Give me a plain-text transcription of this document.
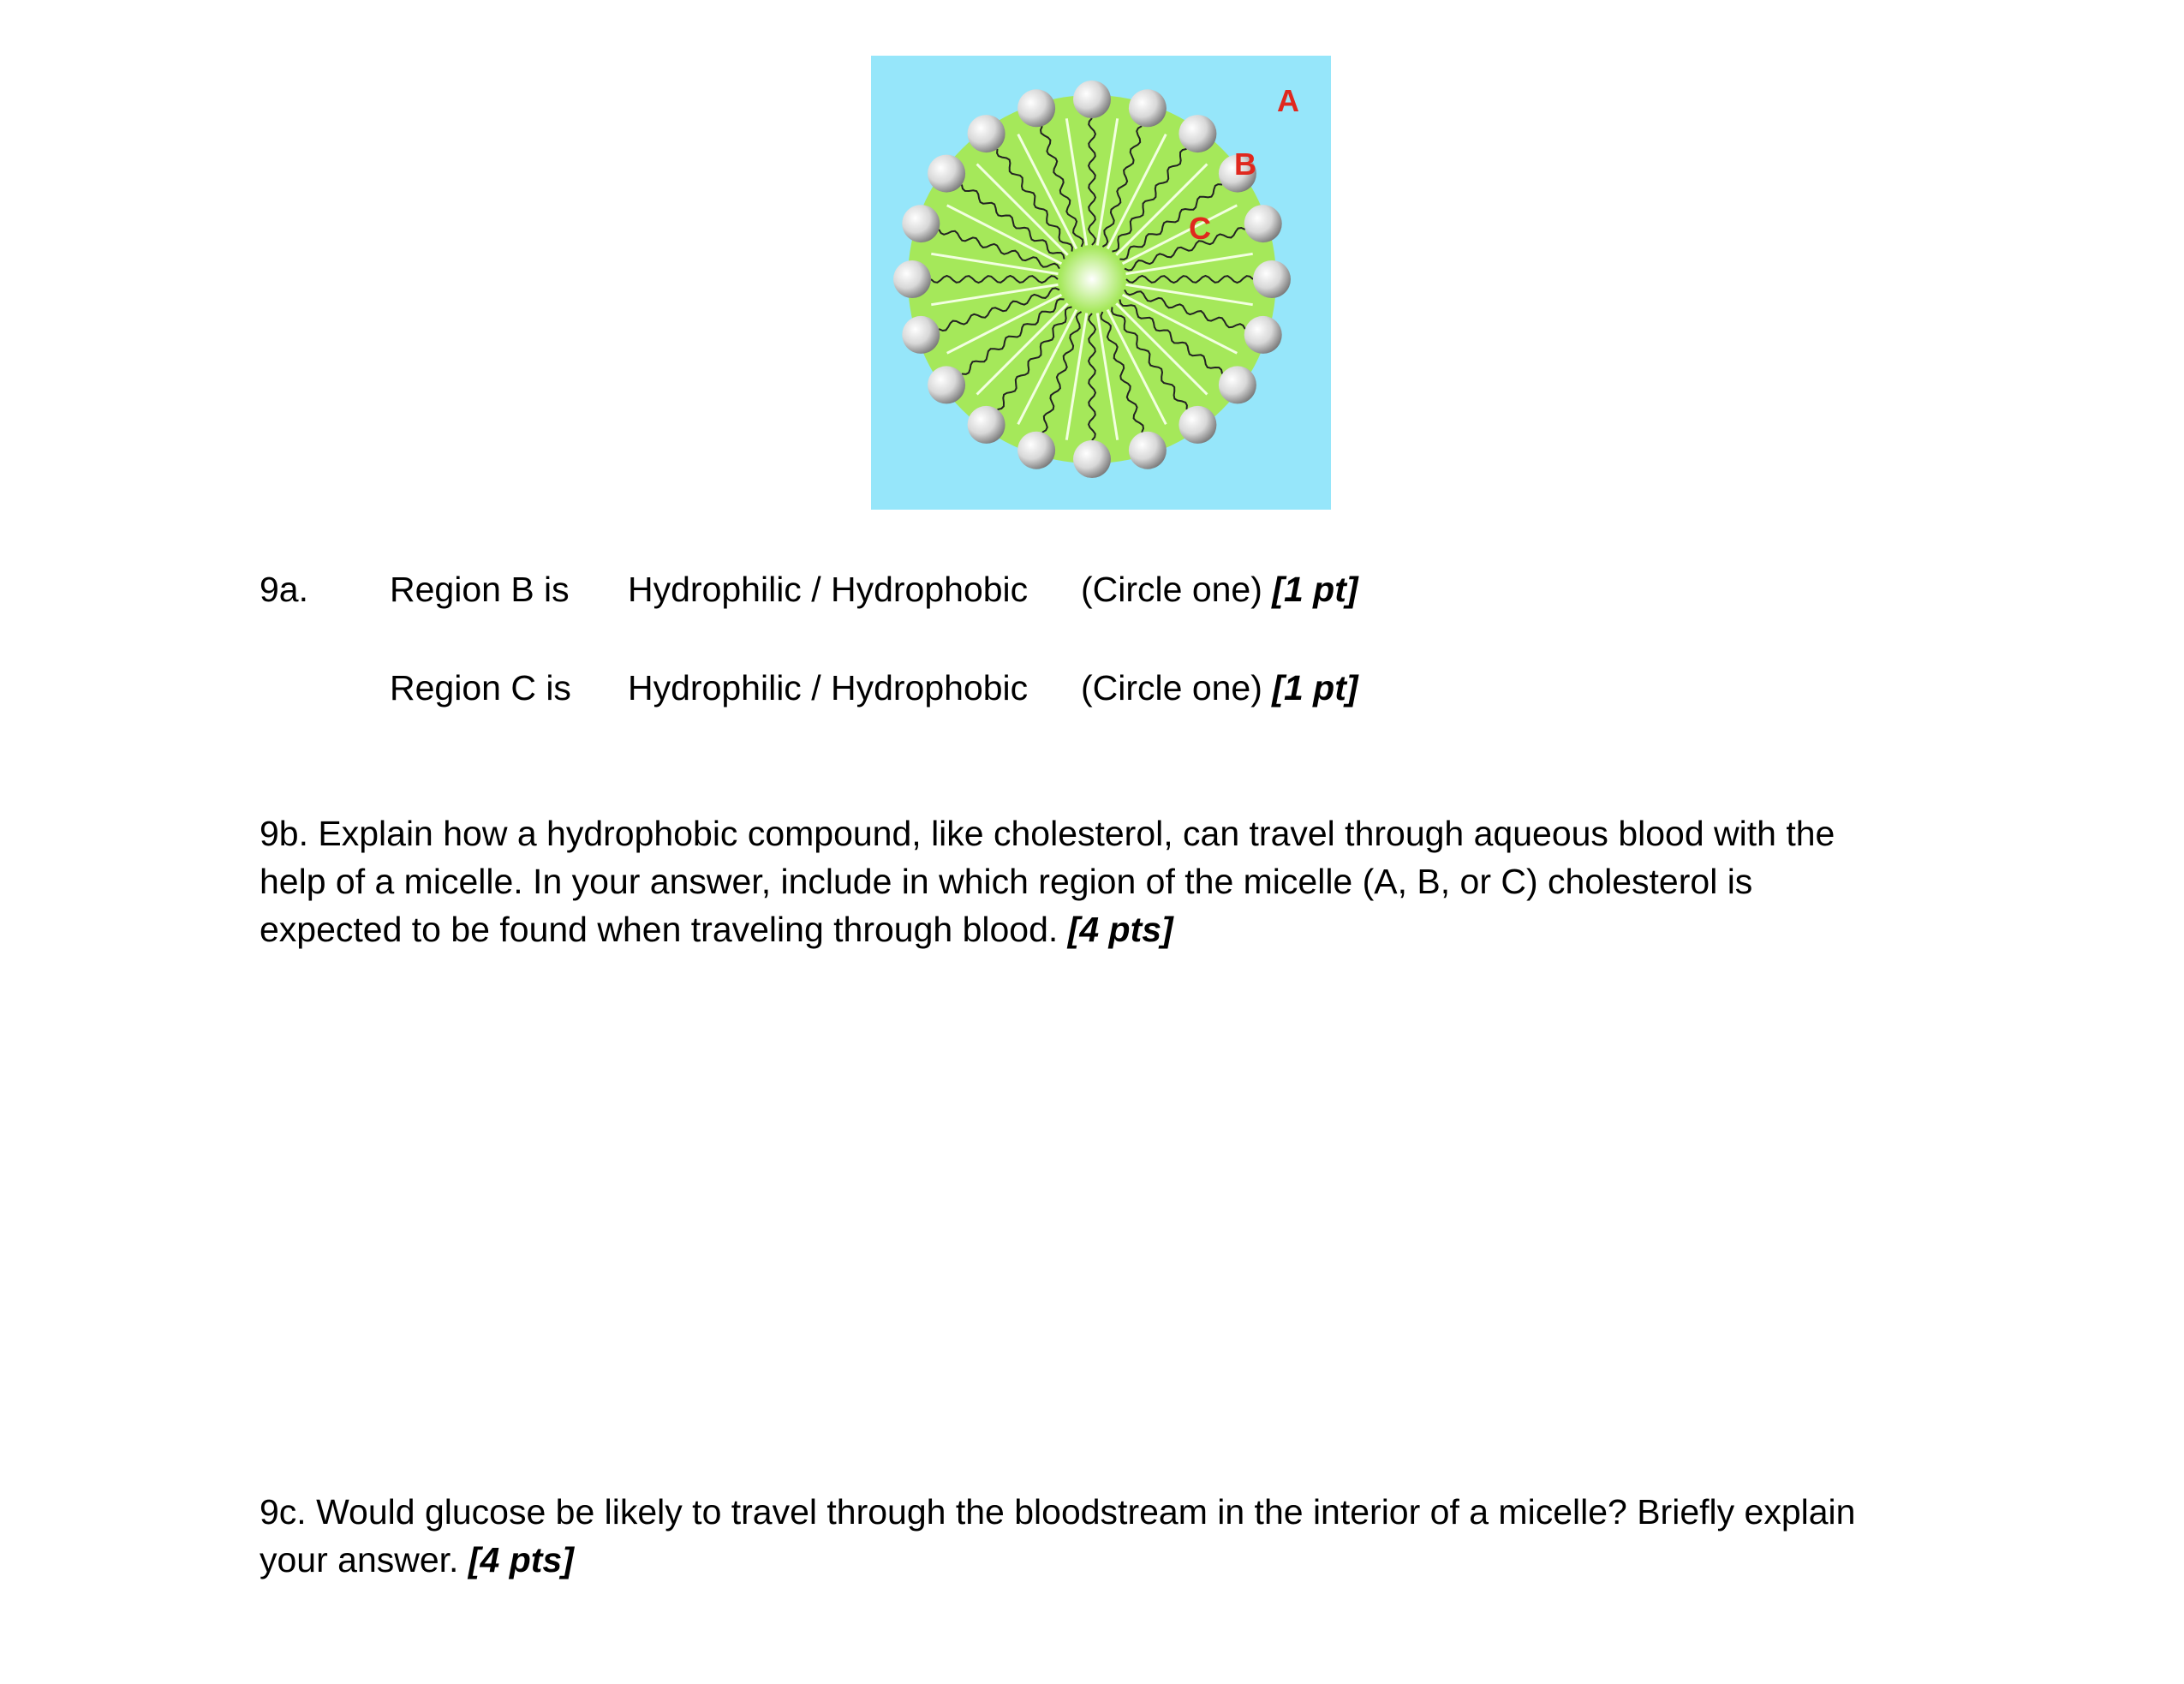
A
B
C
9a. Region B is Hydrophilic / Hydrophobic (Circle one) [1 pt]
Region C is Hydrophilic / Hydrophobic (Circle one) [1 pt]
9b. Explain how a hydrophobic compound, like cholesterol, can travel through aqueous blood with the
help of a micelle. In your answer, include in which region of the micelle (A, B, or C) cholesterol is
expected to be found when traveling through blood. [4 pts]
9c. Would glucose be likely to travel through the bloodstream in the interior of a micelle? Briefly explain
your answer. [4 pts]
